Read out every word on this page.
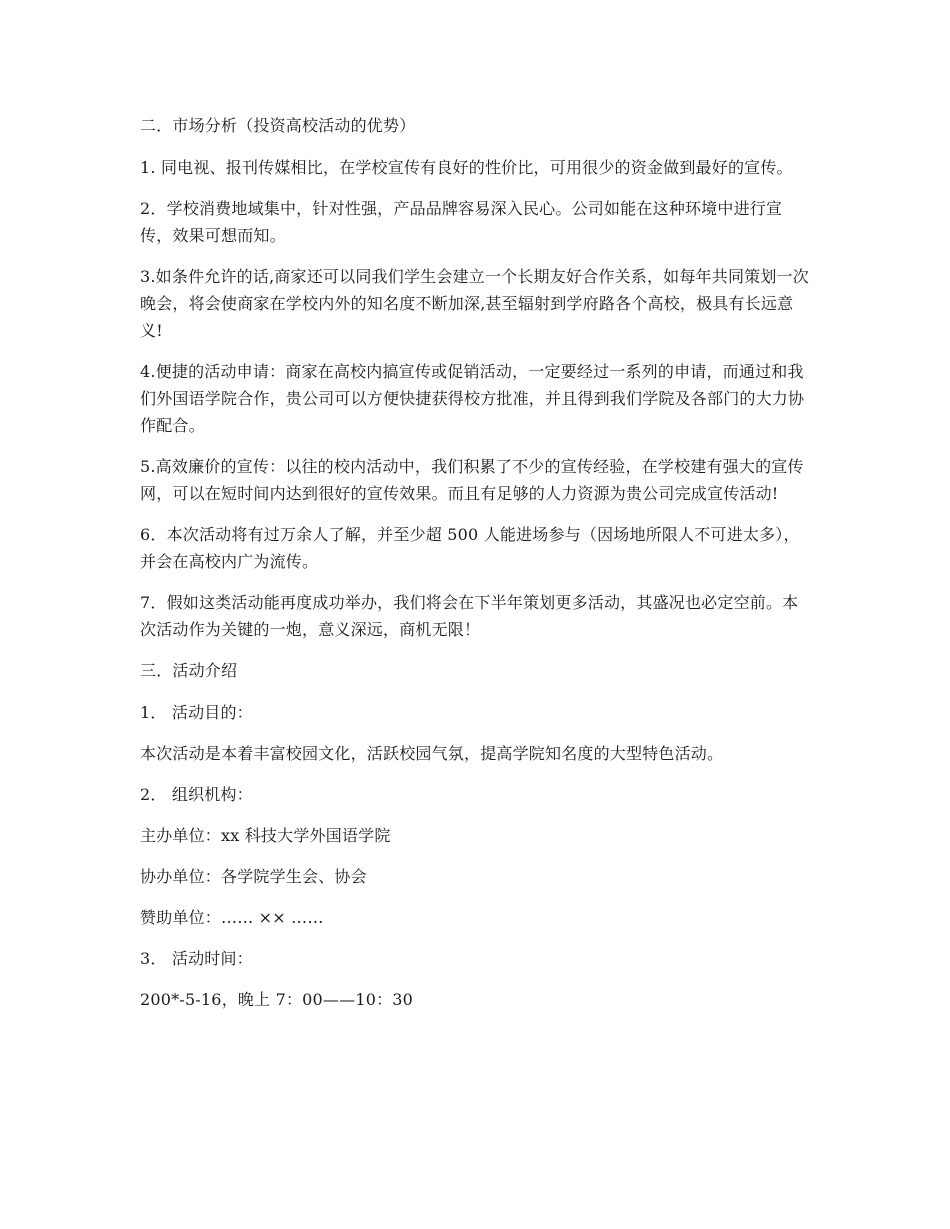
二．市场分析（投资高校活动的优势）

1. 同电视、报刊传媒相比，在学校宣传有良好的性价比，可用很少的资金做到最好的宣传。

2．学校消费地域集中，针对性强，产品品牌容易深入民心。公司如能在这种环境中进行宣传，效果可想而知。

3.如条件允许的话,商家还可以同我们学生会建立一个长期友好合作关系，如每年共同策划一次晚会，将会使商家在学校内外的知名度不断加深,甚至辐射到学府路各个高校，极具有长远意义!

4.便捷的活动申请：商家在高校内搞宣传或促销活动，一定要经过一系列的申请，而通过和我们外国语学院合作，贵公司可以方便快捷获得校方批准，并且得到我们学院及各部门的大力协作配合。

5.高效廉价的宣传：以往的校内活动中，我们积累了不少的宣传经验，在学校建有强大的宣传网，可以在短时间内达到很好的宣传效果。而且有足够的人力资源为贵公司完成宣传活动!

6．本次活动将有过万余人了解，并至少超 500 人能进场参与（因场地所限人不可进太多），并会在高校内广为流传。

7．假如这类活动能再度成功举办，我们将会在下半年策划更多活动，其盛况也必定空前。本次活动作为关键的一炮，意义深远，商机无限！

三．活动介绍

1． 活动目的：

本次活动是本着丰富校园文化，活跃校园气氛，提高学院知名度的大型特色活动。

2． 组织机构：

主办单位：xx 科技大学外国语学院

协办单位：各学院学生会、协会

赞助单位：…… ×× ……

3． 活动时间：

200*-5-16，晚上 7：00——10：30
